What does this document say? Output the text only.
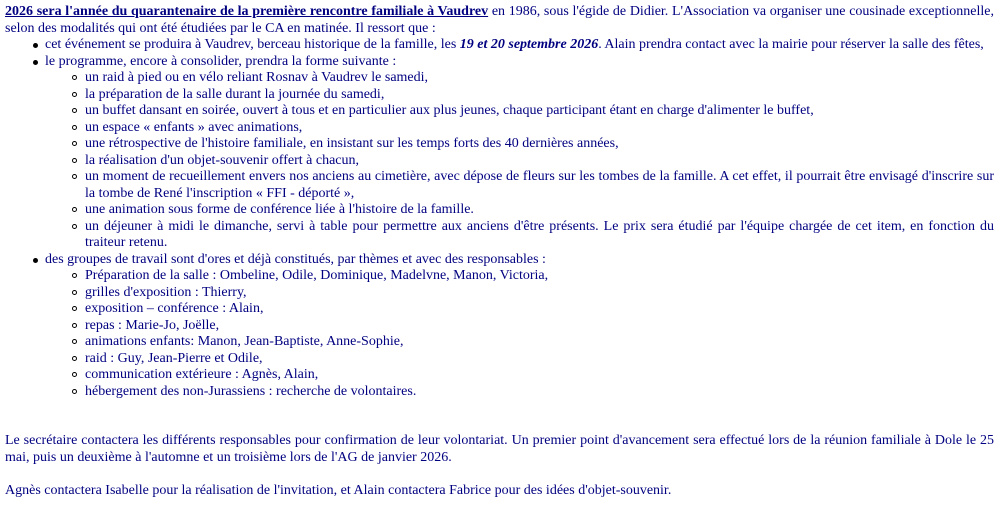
2026 sera l'année du quarantenaire de la première rencontre familiale à Vaudrev en 1986, sous l'égide de Didier. L'Association va organiser une cousinade exceptionnelle, selon des modalités qui ont été étudiées par le CA en matinée. Il ressort que :

cet événement se produira à Vaudrev, berceau historique de la famille, les 19 et 20 septembre 2026. Alain prendra contact avec la mairie pour réserver la salle des fêtes,
le programme, encore à consolider, prendra la forme suivante :
un raid à pied ou en vélo reliant Rosnav à Vaudrev le samedi,
la préparation de la salle durant la journée du samedi,
un buffet dansant en soirée, ouvert à tous et en particulier aux plus jeunes, chaque participant étant en charge d'alimenter le buffet,
un espace « enfants » avec animations,
une rétrospective de l'histoire familiale, en insistant sur les temps forts des 40 dernières années,
la réalisation d'un objet-souvenir offert à chacun,
un moment de recueillement envers nos anciens au cimetière, avec dépose de fleurs sur les tombes de la famille. A cet effet, il pourrait être envisagé d'inscrire sur la tombe de René l'inscription « FFI - déporté »,
une animation sous forme de conférence liée à l'histoire de la famille.
un déjeuner à midi le dimanche, servi à table pour permettre aux anciens d'être présents. Le prix sera étudié par l'équipe chargée de cet item, en fonction du traiteur retenu.
des groupes de travail sont d'ores et déjà constitués, par thèmes et avec des responsables :
Préparation de la salle : Ombeline, Odile, Dominique, Madelvne, Manon, Victoria,
grilles d'exposition : Thierry,
exposition – conférence : Alain,
repas : Marie-Jo, Joëlle,
animations enfants: Manon, Jean-Baptiste, Anne-Sophie,
raid : Guy, Jean-Pierre et Odile,
communication extérieure : Agnès, Alain,
hébergement des non-Jurassiens : recherche de volontaires.

Le secrétaire contactera les différents responsables pour confirmation de leur volontariat. Un premier point d'avancement sera effectué lors de la réunion familiale à Dole le 25 mai, puis un deuxième à l'automne et un troisième lors de l'AG de janvier 2026.

Agnès contactera Isabelle pour la réalisation de l'invitation, et Alain contactera Fabrice pour des idées d'objet-souvenir.
